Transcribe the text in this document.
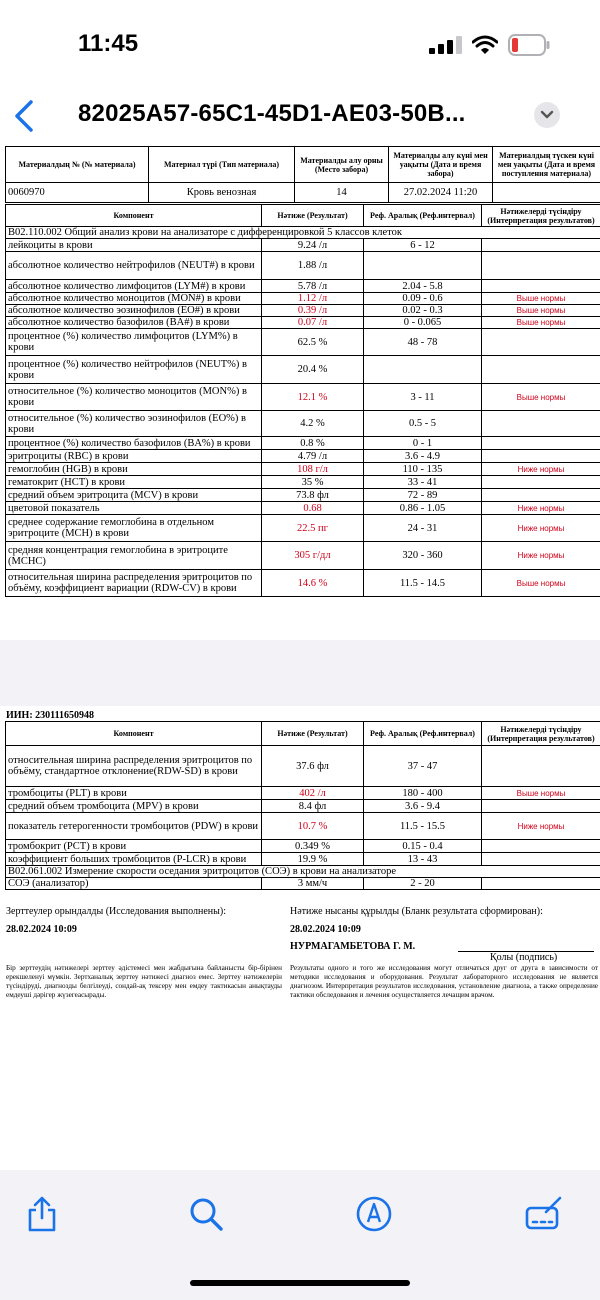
11:45
82025A57-65C1-45D1-AE03-50B...
Материалдың № (№ материала)	Материал түрі (Тип материала)	Материалды алу орны (Место забора)	Материалды алу күні мен уақыты (Дата и время забора)	Материалдың түскен күні мен уақыты (Дата и время поступления материала)
0060970	Кровь венозная	14	27.02.2024 11:20	
Компонент	Нәтиже (Результат)	Реф. Аралық (Реф.интервал)	Нәтижелерді түсіндіру (Интерпретация результатов)
B02.110.002 Общий анализ крови на анализаторе с дифференцировкой 5 классов клеток			
лейкоциты в крови	9.24 /л	6 - 12	
абсолютное количество нейтрофилов (NEUT#) в крови	1.88 /л		
абсолютное количество лимфоцитов (LYM#) в крови	5.78 /л	2.04 - 5.8	
абсолютное количество моноцитов (MON#) в крови	1.12 /л	0.09 - 0.6	Выше нормы
абсолютное количество эозинофилов (EO#) в крови	0.39 /л	0.02 - 0.3	Выше нормы
абсолютное количество базофилов (BA#) в крови	0.07 /л	0 - 0.065	Выше нормы
процентное (%) количество лимфоцитов (LYM%) в крови	62.5 %	48 - 78	
процентное (%) количество нейтрофилов (NEUT%) в крови	20.4 %		
относительное (%) количество моноцитов (MON%) в крови	12.1 %	3 - 11	Выше нормы
относительное (%) количество эозинофилов (EO%) в крови	4.2 %	0.5 - 5	
процентное (%) количество базофилов (BA%) в крови	0.8 %	0 - 1	
эритроциты (RBC) в крови	4.79 /л	3.6 - 4.9	
гемоглобин (HGB) в крови	108 г/л	110 - 135	Ниже нормы
гематокрит (HCT) в крови	35 %	33 - 41	
средний объем эритроцита (MCV) в крови	73.8 фл	72 - 89	
цветовой показатель	0.68	0.86 - 1.05	Ниже нормы
среднее содержание гемоглобина в отдельном эритроците (MCH) в крови	22.5 пг	24 - 31	Ниже нормы
средняя концентрация гемоглобина в эритроците (MCHC)	305 г/дл	320 - 360	Ниже нормы
относительная ширина распределения эритроцитов по объёму, коэффициент вариации (RDW-CV) в крови	14.6 %	11.5 - 14.5	Выше нормы
ИИН: 230111650948
Компонент	Нәтиже (Результат)	Реф. Аралық (Реф.интервал)	Нәтижелерді түсіндіру (Интерпретация результатов)
относительная ширина распределения эритроцитов по объёму, стандартное отклонение(RDW-SD) в крови	37.6 фл	37 - 47	
тромбоциты (PLT) в крови	402 /л	180 - 400	Выше нормы
средний объем тромбоцита (MPV) в крови	8.4 фл	3.6 - 9.4	
показатель гетерогенности тромбоцитов (PDW) в крови	10.7 %	11.5 - 15.5	Ниже нормы
тромбокрит (PCT) в крови	0.349 %	0.15 - 0.4	
коэффициент больших тромбоцитов (P-LCR) в крови	19.9 %	13 - 43	
B02.061.002 Измерение скорости оседания эритроцитов (СОЭ) в крови на анализаторе			
СОЭ (анализатор)	3 мм/ч	2 - 20	
Зерттеулер орындалды (Исследования выполнены):
28.02.2024 10:09
Нәтиже нысаны құрылды (Бланк результата сформирован):
28.02.2024 10:09
НУРМАГАМБЕТОВА Г. М.
Қолы (подпись)
Бір зерттеудің нәтижелері зерттеу әдістемесі мен жабдығына байланысты бір-бірінен ерекшеленуі мүмкін. Зертханалық зерттеу нәтижесі диагноз емес. Зерттеу нәтижелерін түсіндіруді, диагнозды белгілеуді, сондай-ақ тексеру мен емдеу тактикасын анықтауды емдеуші дәрігер жүзегеасырады.
Результаты одного и того же исследования могут отличаться друг от друга в зависимости от методики исследования и оборудования. Результат лабораторного исследования не является диагнозом. Интерпретация результатов исследования, установление диагноза, а также определение тактики обследования и лечения осуществляется лечащим врачом.
